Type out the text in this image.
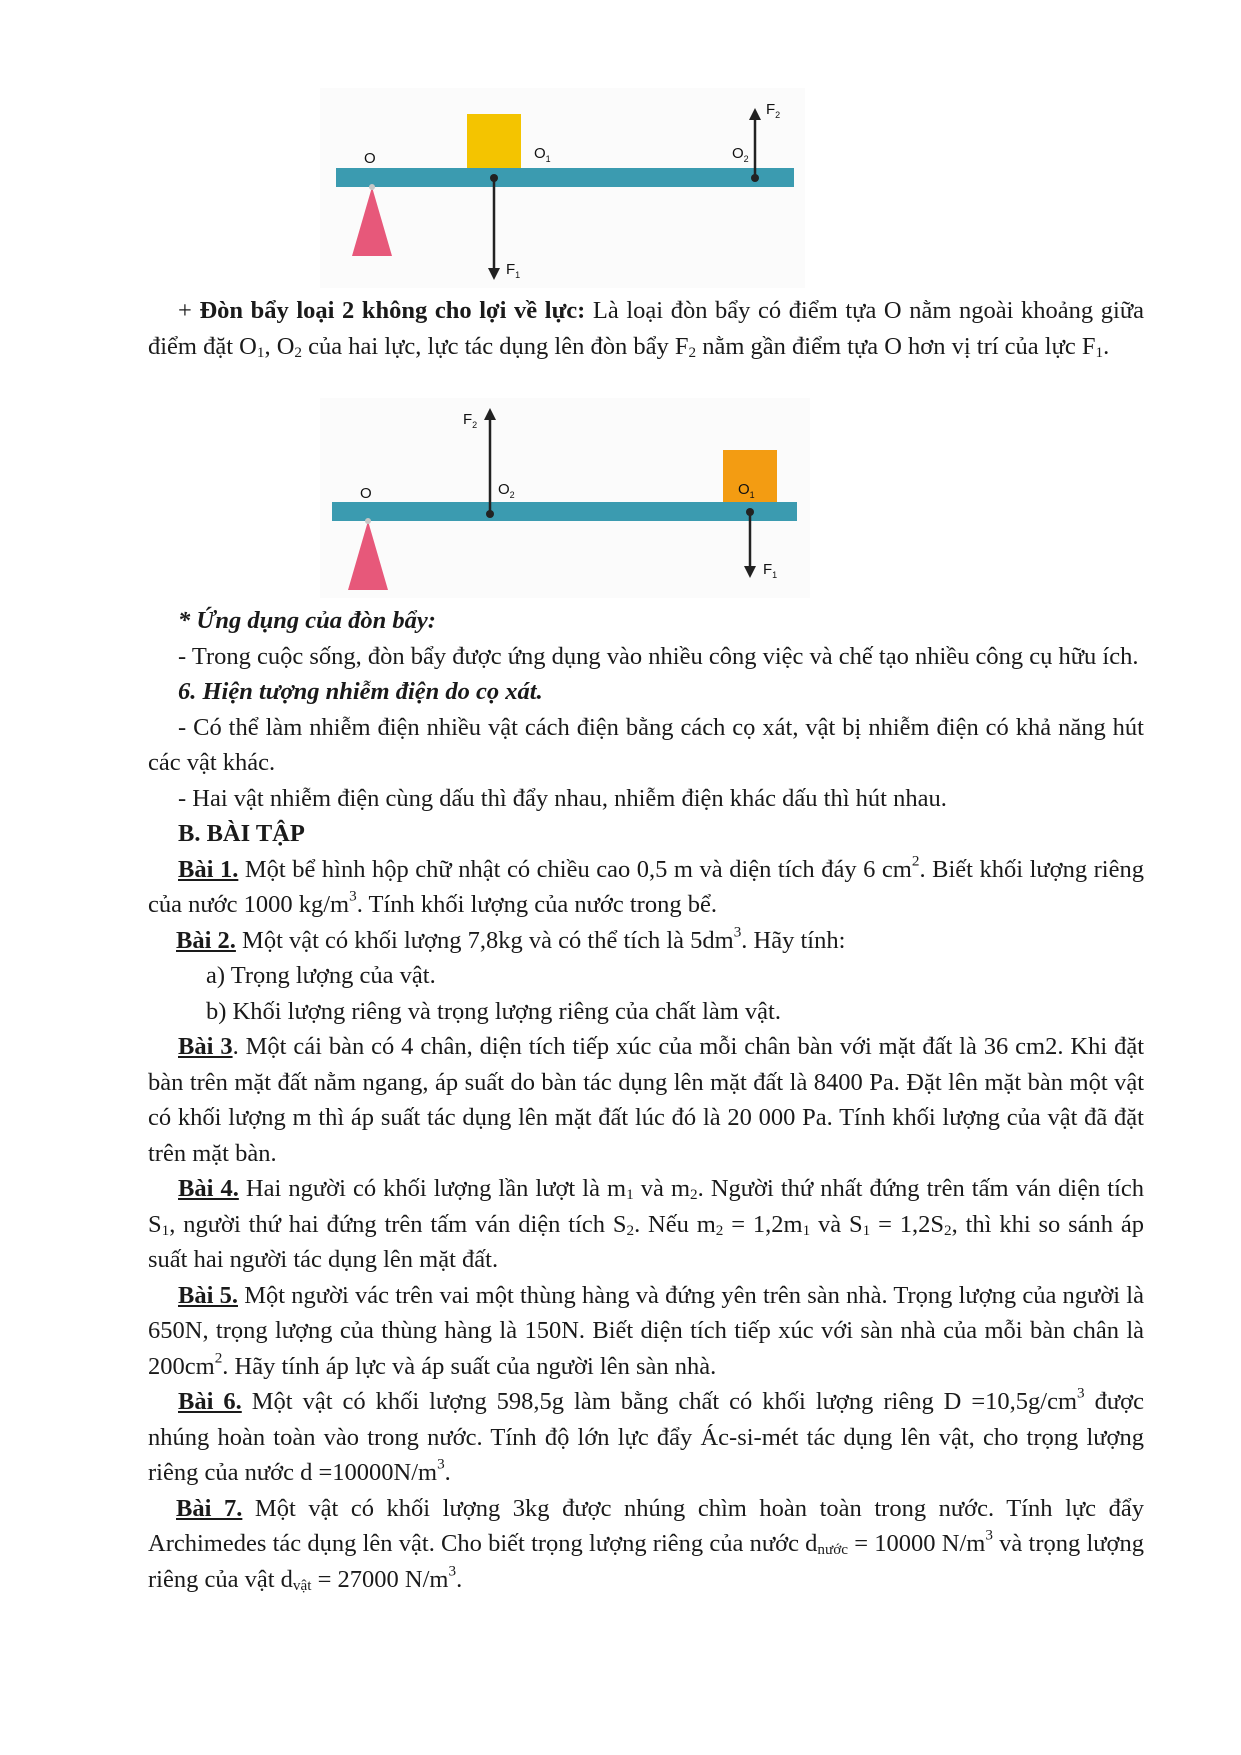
O	$O_1$	$O_2$
$F_1$
$F_2$

+ Đòn bẩy loại 2 không cho lợi về lực: Là loại đòn bẩy có điểm tựa O nằm ngoài khoảng giữa điểm đặt $O_1$, $O_2$ của hai lực, lực tác dụng lên đòn bẩy $F_2$ nằm gần điểm tựa O hơn vị trí của lực $F_1$.

O	$O_2$	$O_1$
$F_2$
$F_1$

* Ứng dụng của đòn bẩy:

- Trong cuộc sống, đòn bẩy được ứng dụng vào nhiều công việc và chế tạo nhiều công cụ hữu ích.

6. Hiện tượng nhiễm điện do cọ xát.

- Có thể làm nhiễm điện nhiều vật cách điện bằng cách cọ xát, vật bị nhiễm điện có khả năng hút các vật khác.

- Hai vật nhiễm điện cùng dấu thì đẩy nhau, nhiễm điện khác dấu thì hút nhau.

B. BÀI TẬP

Bài 1. Một bể hình hộp chữ nhật có chiều cao 0,5 m và diện tích đáy 6 $cm^2$. Biết khối lượng riêng của nước 1000 $kg/m^3$. Tính khối lượng của nước trong bể.

Bài 2. Một vật có khối lượng 7,8kg và có thể tích là $5dm^3$. Hãy tính:

a) Trọng lượng của vật.

b) Khối lượng riêng và trọng lượng riêng của chất làm vật.

Bài 3. Một cái bàn có 4 chân, diện tích tiếp xúc của mỗi chân bàn với mặt đất là 36 cm2. Khi đặt bàn trên mặt đất nằm ngang, áp suất do bàn tác dụng lên mặt đất là 8400 Pa. Đặt lên mặt bàn một vật có khối lượng m thì áp suất tác dụng lên mặt đất lúc đó là 20 000 Pa. Tính khối lượng của vật đã đặt trên mặt bàn.

Bài 4. Hai người có khối lượng lần lượt là $m_1$ và $m_2$. Người thứ nhất đứng trên tấm ván diện tích $S_1$, người thứ hai đứng trên tấm ván diện tích $S_2$. Nếu $m_2 = 1,2m_1$ và $S_1 = 1,2S_2$, thì khi so sánh áp suất hai người tác dụng lên mặt đất.

Bài 5. Một người vác trên vai một thùng hàng và đứng yên trên sàn nhà. Trọng lượng của người là 650N, trọng lượng của thùng hàng là 150N. Biết diện tích tiếp xúc với sàn nhà của mỗi bàn chân là $200cm^2$. Hãy tính áp lực và áp suất của người lên sàn nhà.

Bài 6. Một vật có khối lượng 598,5g làm bằng chất có khối lượng riêng $D =10,5g/cm^3$ được nhúng hoàn toàn vào trong nước. Tính độ lớn lực đẩy Ác-si-mét tác dụng lên vật, cho trọng lượng riêng của nước $d =10000N/m^3$.

Bài 7. Một vật có khối lượng 3kg được nhúng chìm hoàn toàn trong nước. Tính lực đẩy Archimedes tác dụng lên vật. Cho biết trọng lượng riêng của nước $d_{nước} = 10000$ $N/m^3$ và trọng lượng riêng của vật $d_{vật} = 27000$ $N/m^3$.
